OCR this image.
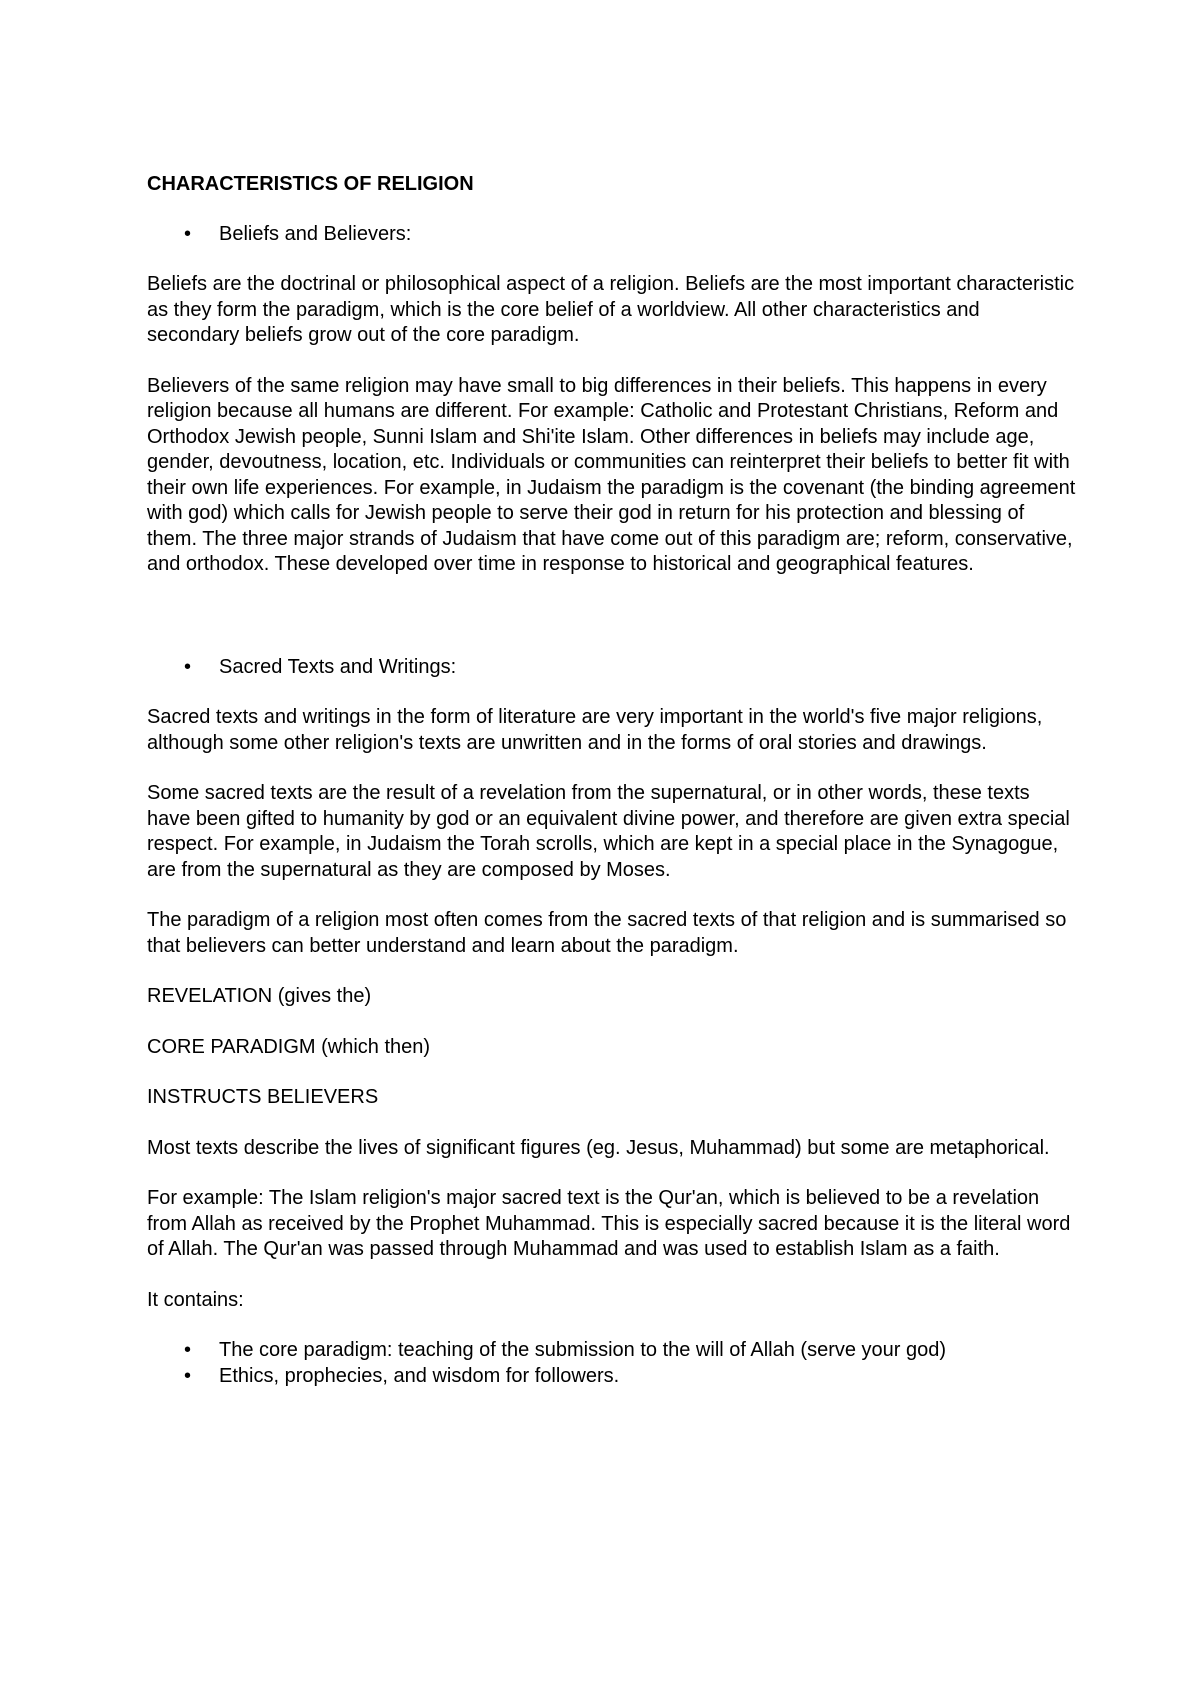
CHARACTERISTICS OF RELIGION
• Beliefs and Believers:

Beliefs are the doctrinal or philosophical aspect of a religion. Beliefs are the most important characteristic as they form the paradigm, which is the core belief of a worldview. All other characteristics and secondary beliefs grow out of the core paradigm.

Believers of the same religion may have small to big differences in their beliefs. This happens in every religion because all humans are different. For example: Catholic and Protestant Christians, Reform and Orthodox Jewish people, Sunni Islam and Shi'ite Islam. Other differences in beliefs may include age, gender, devoutness, location, etc. Individuals or communities can reinterpret their beliefs to better fit with their own life experiences. For example, in Judaism the paradigm is the covenant (the binding agreement with god) which calls for Jewish people to serve their god in return for his protection and blessing of them. The three major strands of Judaism that have come out of this paradigm are; reform, conservative, and orthodox. These developed over time in response to historical and geographical features.

• Sacred Texts and Writings:

Sacred texts and writings in the form of literature are very important in the world's five major religions, although some other religion's texts are unwritten and in the forms of oral stories and drawings.

Some sacred texts are the result of a revelation from the supernatural, or in other words, these texts have been gifted to humanity by god or an equivalent divine power, and therefore are given extra special respect. For example, in Judaism the Torah scrolls, which are kept in a special place in the Synagogue, are from the supernatural as they are composed by Moses.

The paradigm of a religion most often comes from the sacred texts of that religion and is summarised so that believers can better understand and learn about the paradigm.

REVELATION (gives the)

CORE PARADIGM (which then)

INSTRUCTS BELIEVERS

Most texts describe the lives of significant figures (eg. Jesus, Muhammad) but some are metaphorical.

For example: The Islam religion's major sacred text is the Qur'an, which is believed to be a revelation from Allah as received by the Prophet Muhammad. This is especially sacred because it is the literal word of Allah. The Qur'an was passed through Muhammad and was used to establish Islam as a faith.

It contains:

• The core paradigm: teaching of the submission to the will of Allah (serve your god)
• Ethics, prophecies, and wisdom for followers.
